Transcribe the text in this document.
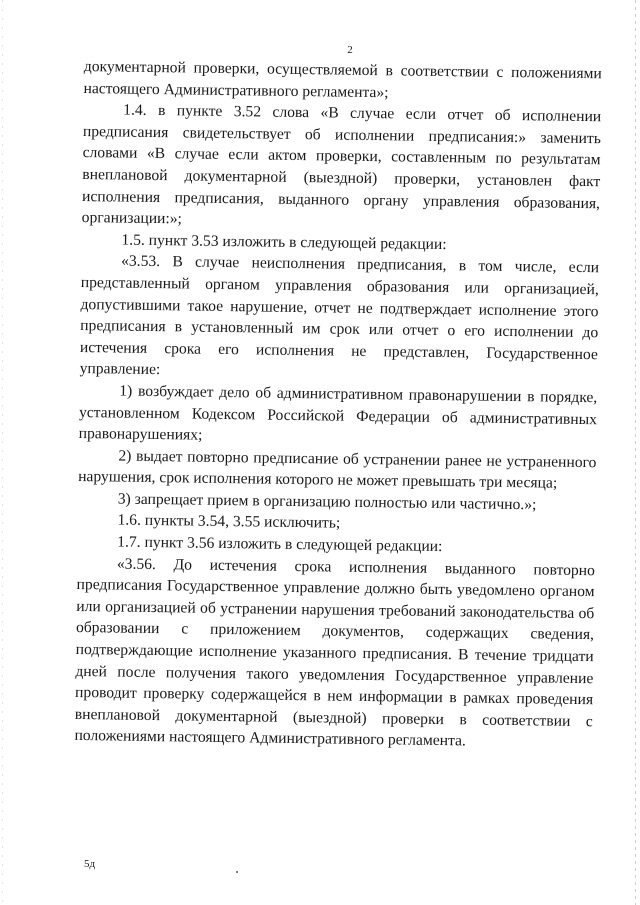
2

документарной проверки, осуществляемой в соответствии с положениями настоящего Административного регламента»;

1.4. в пункте 3.52 слова «В случае если отчет об исполнении предписания свидетельствует об исполнении предписания:» заменить словами «В случае если актом проверки, составленным по результатам внеплановой документарной (выездной) проверки, установлен факт исполнения предписания, выданного органу управления образования, организации:»;

1.5. пункт 3.53 изложить в следующей редакции:

«3.53. В случае неисполнения предписания, в том числе, если представленный органом управления образования или организацией, допустившими такое нарушение, отчет не подтверждает исполнение этого предписания в установленный им срок или отчет о его исполнении до истечения срока его исполнения не представлен, Государственное управление:

1) возбуждает дело об административном правонарушении в порядке, установленном Кодексом Российской Федерации об административных правонарушениях;

2) выдает повторно предписание об устранении ранее не устраненного нарушения, срок исполнения которого не может превышать три месяца;

3) запрещает прием в организацию полностью или частично.»;

1.6. пункты 3.54, 3.55 исключить;

1.7. пункт 3.56 изложить в следующей редакции:

«3.56. До истечения срока исполнения выданного повторно предписания Государственное управление должно быть уведомлено органом или организацией об устранении нарушения требований законодательства об образовании с приложением документов, содержащих сведения, подтверждающие исполнение указанного предписания. В течение тридцати дней после получения такого уведомления Государственное управление проводит проверку содержащейся в нем информации в рамках проведения внеплановой документарной (выездной) проверки в соответствии с положениями настоящего Административного регламента.

5д
